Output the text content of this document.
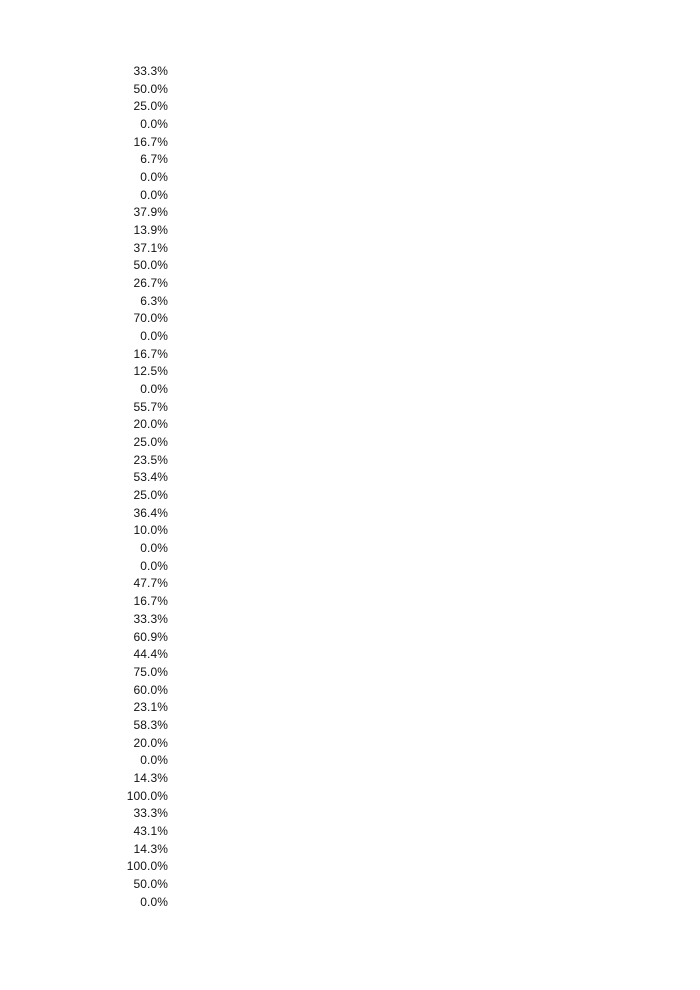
33.3%
50.0%
25.0%
0.0%
16.7%
6.7%
0.0%
0.0%
37.9%
13.9%
37.1%
50.0%
26.7%
6.3%
70.0%
0.0%
16.7%
12.5%
0.0%
55.7%
20.0%
25.0%
23.5%
53.4%
25.0%
36.4%
10.0%
0.0%
0.0%
47.7%
16.7%
33.3%
60.9%
44.4%
75.0%
60.0%
23.1%
58.3%
20.0%
0.0%
14.3%
100.0%
33.3%
43.1%
14.3%
100.0%
50.0%
0.0%
